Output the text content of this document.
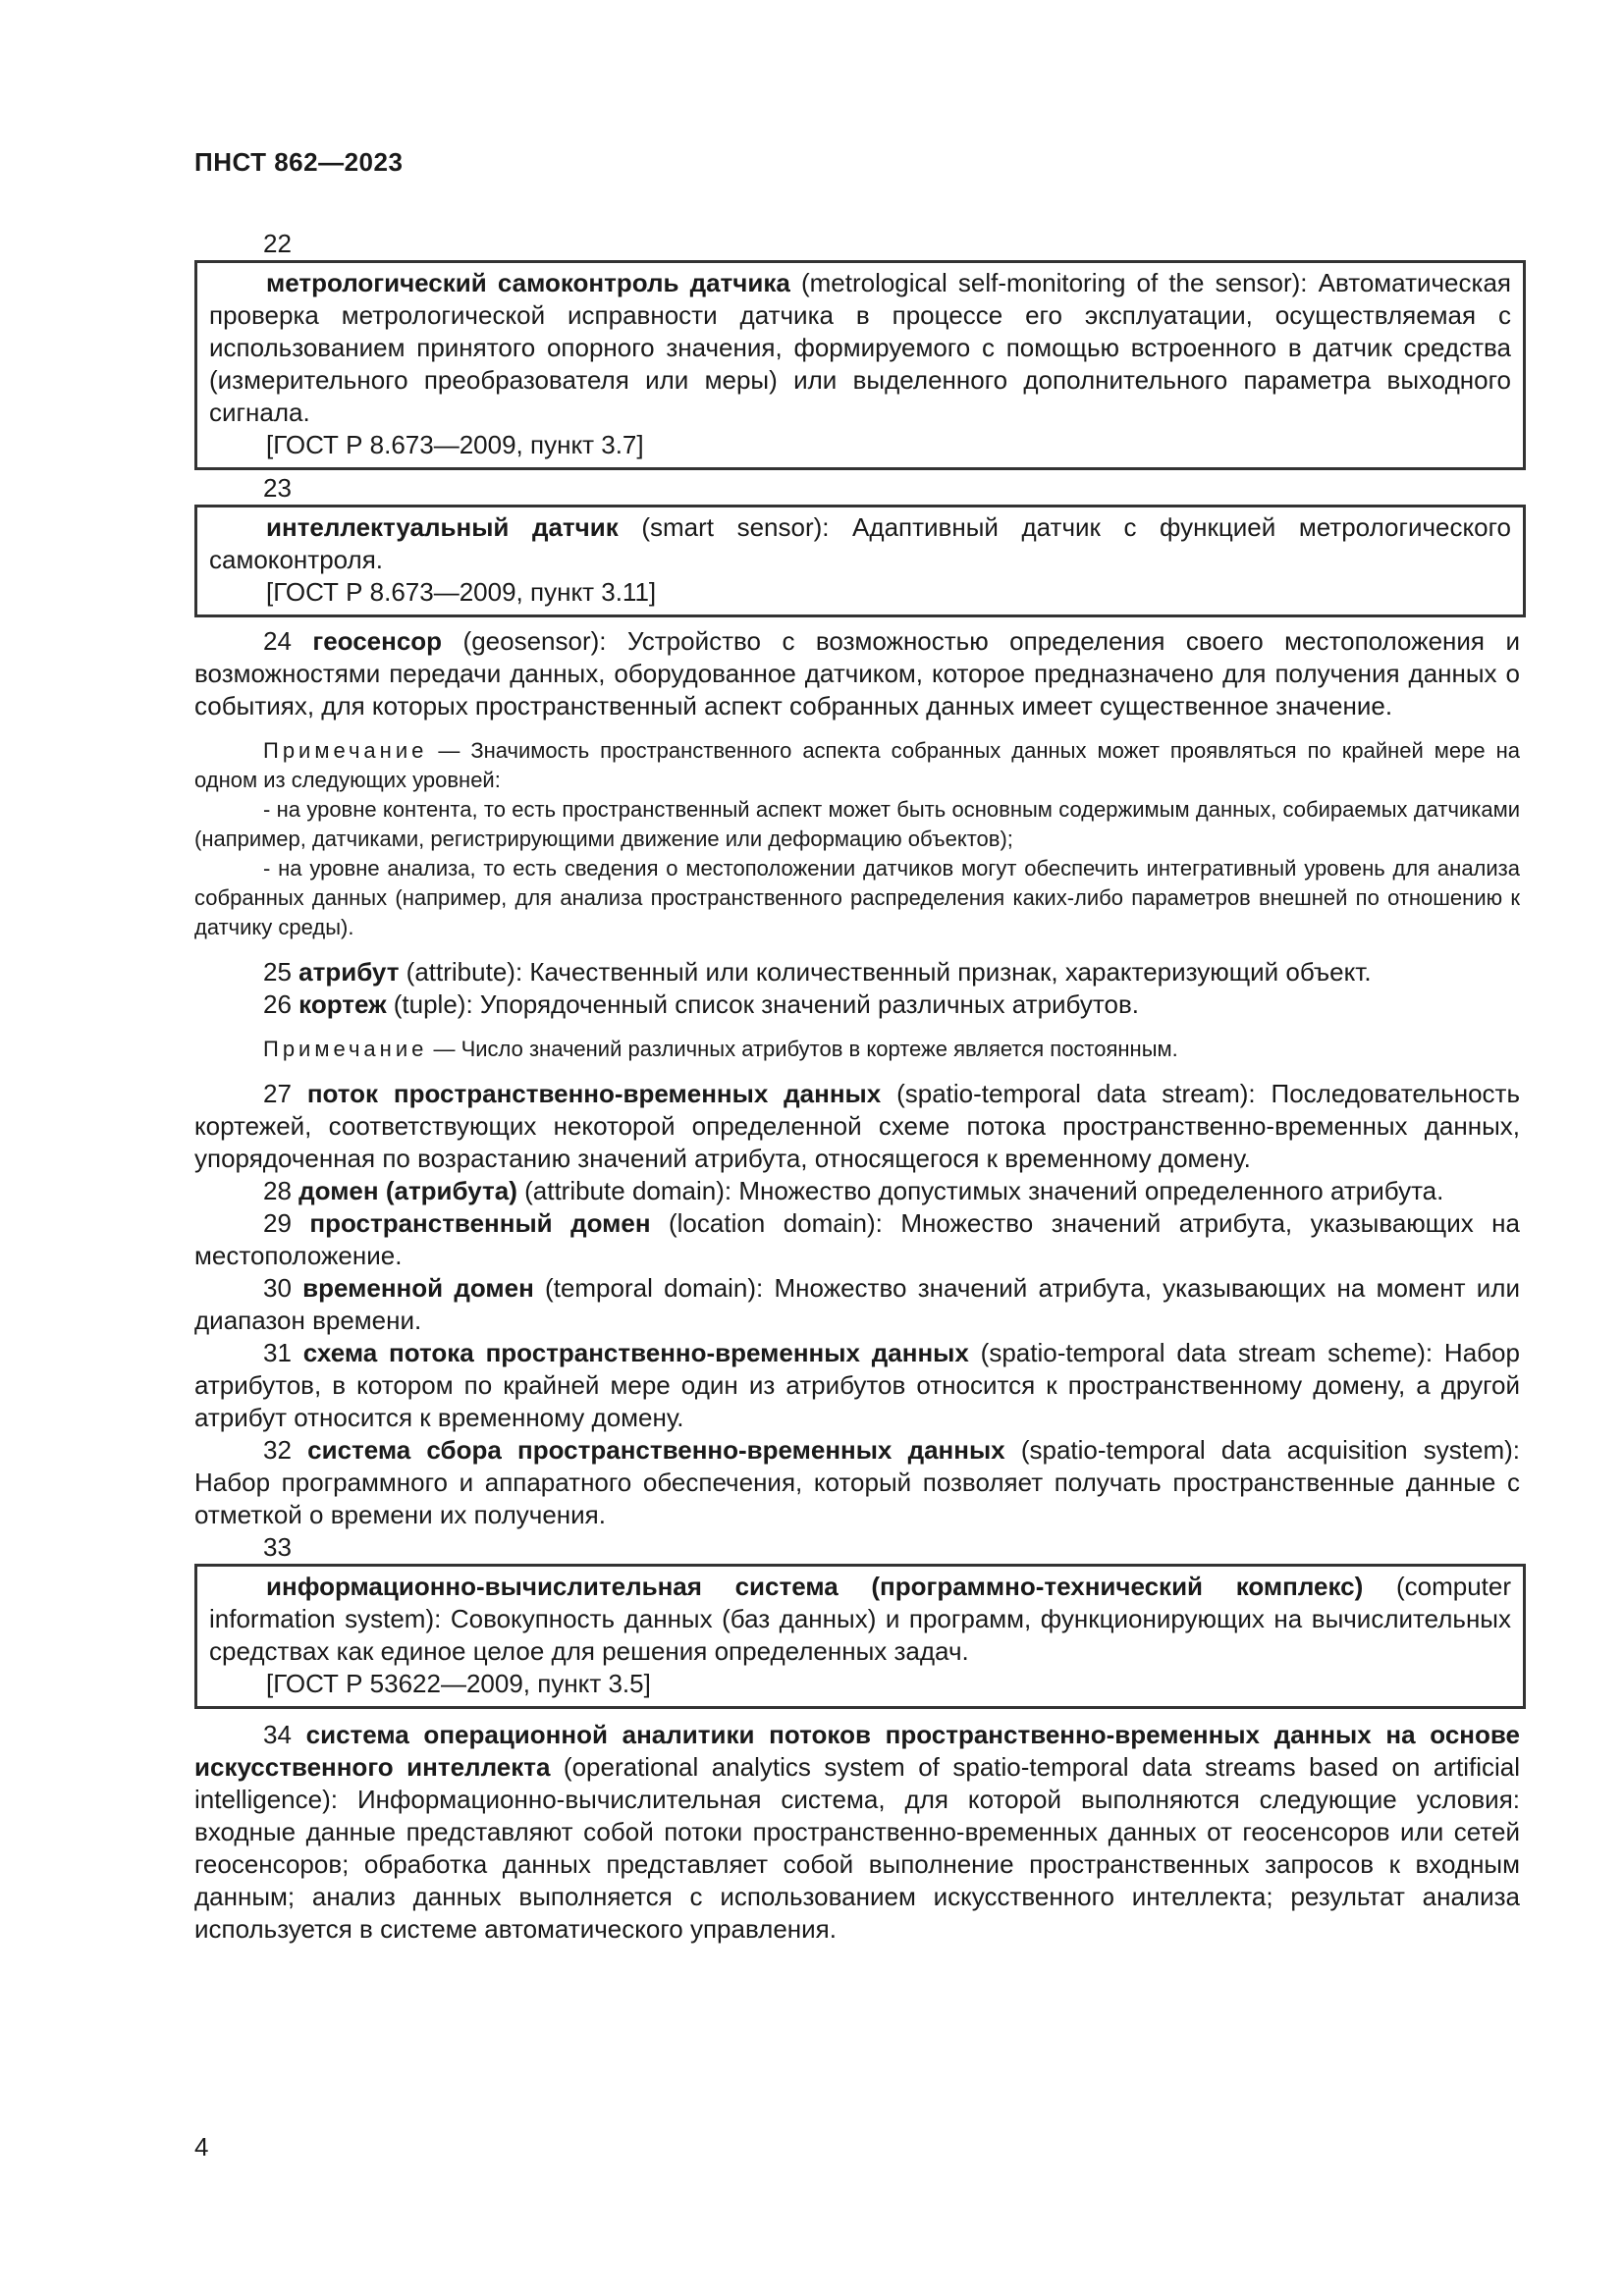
ПНСТ 862—2023
22

метрологический самоконтроль датчика (metrological self-monitoring of the sensor): Автоматическая проверка метрологической исправности датчика в процессе его эксплуатации, осуществляемая с использованием принятого опорного значения, формируемого с помощью встроенного в датчик средства (измерительного преобразователя или меры) или выделенного дополнительного параметра выходного сигнала.

[ГОСТ Р 8.673—2009, пункт 3.7]

23

интеллектуальный датчик (smart sensor): Адаптивный датчик с функцией метрологического самоконтроля.

[ГОСТ Р 8.673—2009, пункт 3.11]

24 геосенсор (geosensor): Устройство с возможностью определения своего местоположения и возможностями передачи данных, оборудованное датчиком, которое предназначено для получения данных о событиях, для которых пространственный аспект собранных данных имеет существенное значение.

Примечание — Значимость пространственного аспекта собранных данных может проявляться по крайней мере на одном из следующих уровней:

- на уровне контента, то есть пространственный аспект может быть основным содержимым данных, собираемых датчиками (например, датчиками, регистрирующими движение или деформацию объектов);

- на уровне анализа, то есть сведения о местоположении датчиков могут обеспечить интегративный уровень для анализа собранных данных (например, для анализа пространственного распределения каких-либо параметров внешней по отношению к датчику среды).

25 атрибут (attribute): Качественный или количественный признак, характеризующий объект.

26 кортеж (tuple): Упорядоченный список значений различных атрибутов.

Примечание — Число значений различных атрибутов в кортеже является постоянным.

27 поток пространственно-временных данных (spatio-temporal data stream): Последовательность кортежей, соответствующих некоторой определенной схеме потока пространственно-временных данных, упорядоченная по возрастанию значений атрибута, относящегося к временному домену.

28 домен (атрибута) (attribute domain): Множество допустимых значений определенного атрибута.

29 пространственный домен (location domain): Множество значений атрибута, указывающих на местоположение.

30 временной домен (temporal domain): Множество значений атрибута, указывающих на момент или диапазон времени.

31 схема потока пространственно-временных данных (spatio-temporal data stream scheme): Набор атрибутов, в котором по крайней мере один из атрибутов относится к пространственному домену, а другой атрибут относится к временному домену.

32 система сбора пространственно-временных данных (spatio-temporal data acquisition system): Набор программного и аппаратного обеспечения, который позволяет получать пространственные данные с отметкой о времени их получения.

33

информационно-вычислительная система (программно-технический комплекс) (computer information system): Совокупность данных (баз данных) и программ, функционирующих на вычислительных средствах как единое целое для решения определенных задач.

[ГОСТ Р 53622—2009, пункт 3.5]

34 система операционной аналитики потоков пространственно-временных данных на основе искусственного интеллекта (operational analytics system of spatio-temporal data streams based on artificial intelligence): Информационно-вычислительная система, для которой выполняются следующие условия: входные данные представляют собой потоки пространственно-временных данных от геосенсоров или сетей геосенсоров; обработка данных представляет собой выполнение пространственных запросов к входным данным; анализ данных выполняется с использованием искусственного интеллекта; результат анализа используется в системе автоматического управления.

4
